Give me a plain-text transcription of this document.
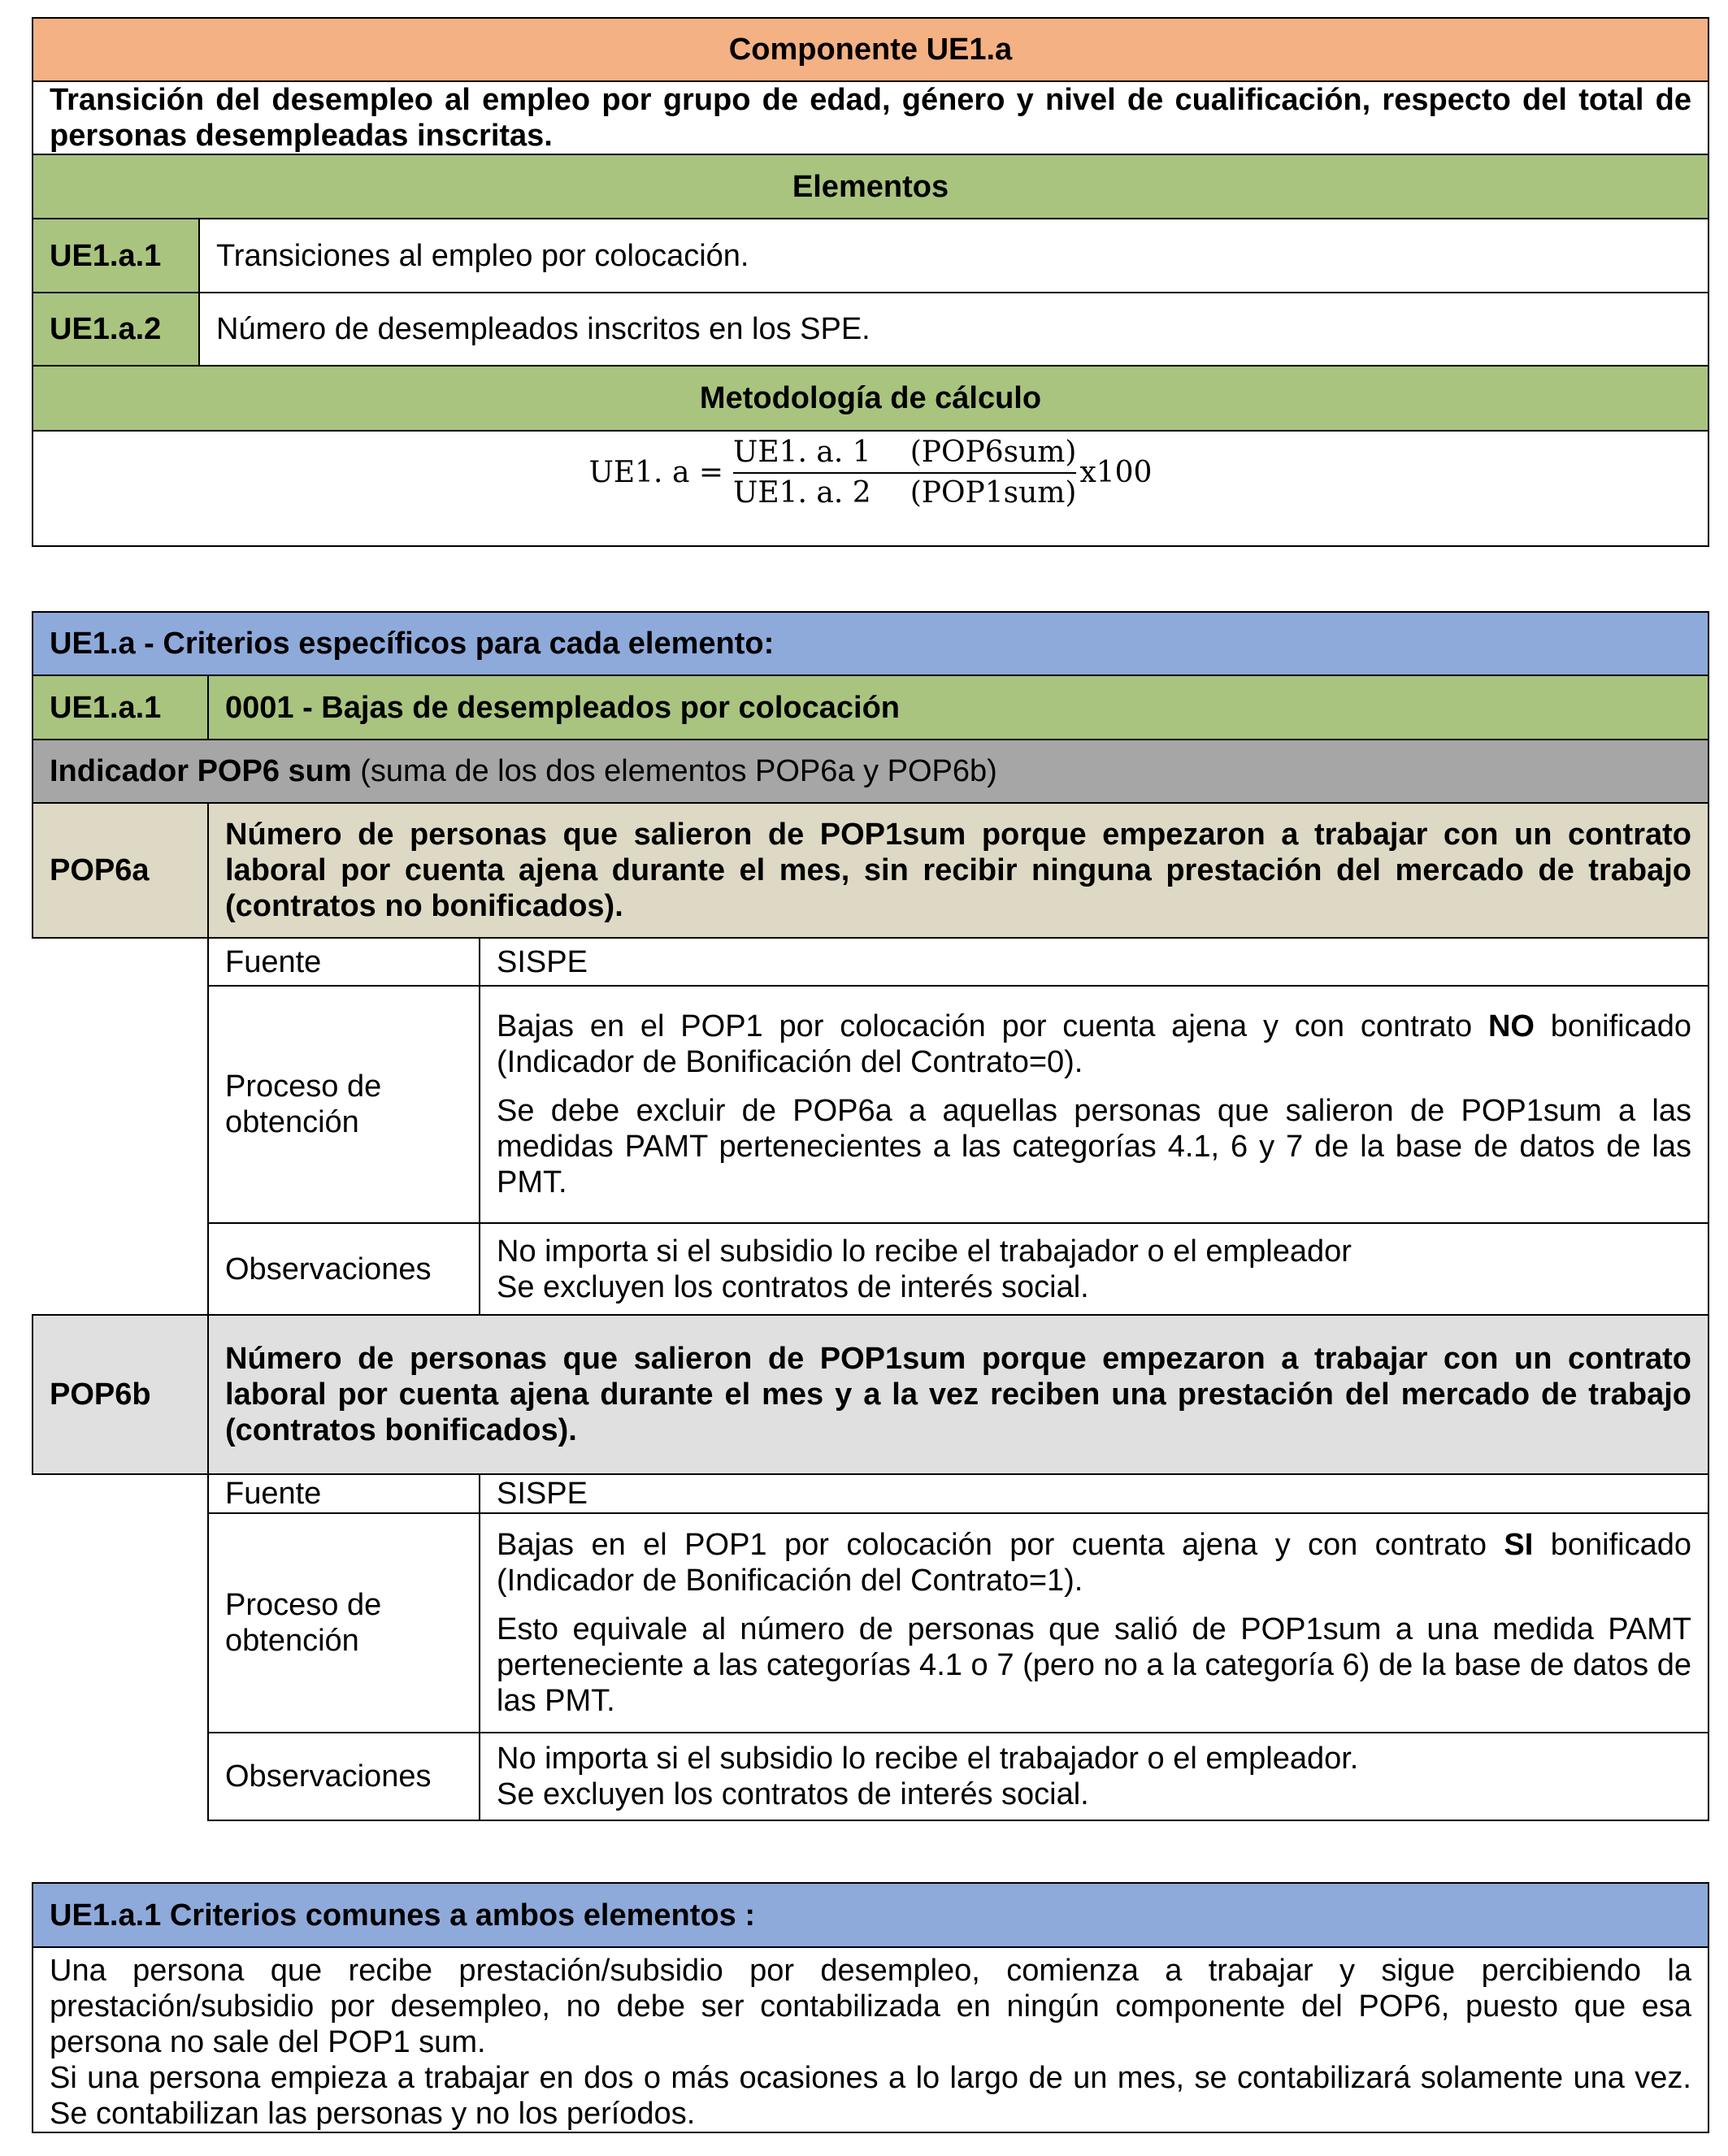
Componente UE1.a	
Transición del desempleo al empleo por grupo de edad, género y nivel de cualificación, respecto del total de personas desempleadas inscritas.	
Elementos	
UE1.a.1	Transiciones al empleo por colocación.
UE1.a.2	Número de desempleados inscritos en los SPE.
Metodología de cálculo	

UE1. $a = \frac{\text{UE1. a. 1 (POP6sum)}}{\text{UE1. a. 2 (POP1sum)}} x100$	
UE1.a - Criterios específicos para cada elemento:		
UE1.a.1	0001 - Bajas de desempleados por colocación	
Indicador POP6 sum (suma de los dos elementos POP6a y POP6b)		
POP6a	Número de personas que salieron de POP1sum porque empezaron a trabajar con un contrato laboral por cuenta ajena durante el mes, sin recibir ninguna prestación del mercado de trabajo (contratos no bonificados).	
	Fuente	SISPE
	Proceso de obtención	Bajas en el POP1 por colocación por cuenta ajena y con contrato NO bonificado (Indicador de Bonificación del Contrato=0).

Se debe excluir de POP6a a aquellas personas que salieron de POP1sum a las medidas PAMT pertenecientes a las categorías 4.1, 6 y 7 de la base de datos de las PMT.

	Observaciones	No importa si el subsidio lo recibe el trabajador o el empleador

Se excluyen los contratos de interés social.

POP6b	Número de personas que salieron de POP1sum porque empezaron a trabajar con un contrato laboral por cuenta ajena durante el mes y a la vez reciben una prestación del mercado de trabajo (contratos bonificados).	
	Fuente	SISPE
	Proceso de obtención	Bajas en el POP1 por colocación por cuenta ajena y con contrato SI bonificado (Indicador de Bonificación del Contrato=1).

Esto equivale al número de personas que salió de POP1sum a una medida PAMT perteneciente a las categorías 4.1 o 7 (pero no a la categoría 6) de la base de datos de las PMT.

	Observaciones	No importa si el subsidio lo recibe el trabajador o el empleador.

Se excluyen los contratos de interés social.

UE1.a.1 Criterios comunes a ambos elementos :

Una persona que recibe prestación/subsidio por desempleo, comienza a trabajar y sigue percibiendo la prestación/subsidio por desempleo, no debe ser contabilizada en ningún componente del POP6, puesto que esa persona no sale del POP1 sum.

Si una persona empieza a trabajar en dos o más ocasiones a lo largo de un mes, se contabilizará solamente una vez. Se contabilizan las personas y no los períodos.
